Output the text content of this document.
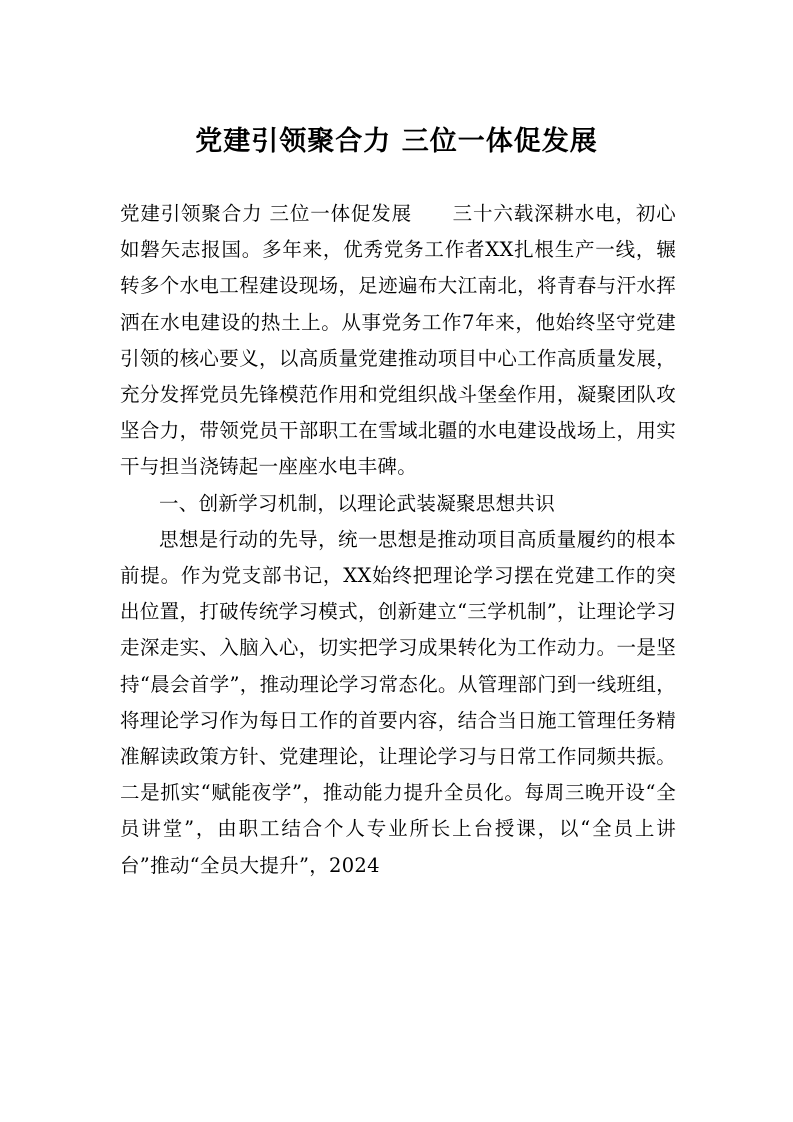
党建引领聚合力 三位一体促发展

党建引领聚合力 三位一体促发展　　三十六载深耕水电，初心如磐矢志报国。多年来，优秀党务工作者XX扎根生产一线，辗转多个水电工程建设现场，足迹遍布大江南北，将青春与汗水挥洒在水电建设的热土上。从事党务工作7年来，他始终坚守党建引领的核心要义，以高质量党建推动项目中心工作高质量发展，充分发挥党员先锋模范作用和党组织战斗堡垒作用，凝聚团队攻坚合力，带领党员干部职工在雪域北疆的水电建设战场上，用实干与担当浇铸起一座座水电丰碑。

一、创新学习机制，以理论武装凝聚思想共识

思想是行动的先导，统一思想是推动项目高质量履约的根本前提。作为党支部书记，XX始终把理论学习摆在党建工作的突出位置，打破传统学习模式，创新建立“三学机制”，让理论学习走深走实、入脑入心，切实把学习成果转化为工作动力。一是坚持“晨会首学”，推动理论学习常态化。从管理部门到一线班组，将理论学习作为每日工作的首要内容，结合当日施工管理任务精准解读政策方针、党建理论，让理论学习与日常工作同频共振。二是抓实“赋能夜学”，推动能力提升全员化。每周三晚开设“全员讲堂”，由职工结合个人专业所长上台授课，以“全员上讲台”推动“全员大提升”，2024
